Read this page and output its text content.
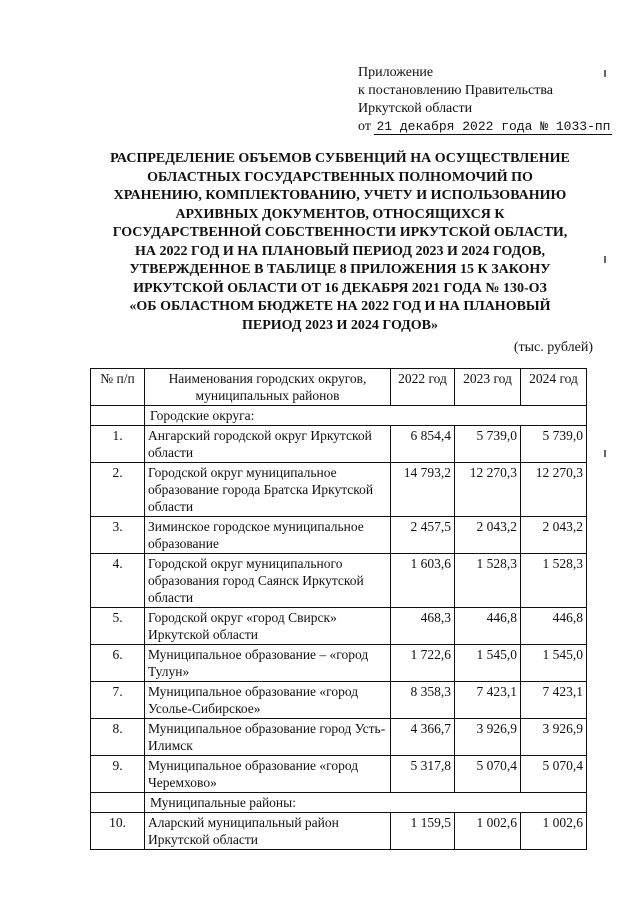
Приложение
к постановлению Правительства
Иркутской области
от 21 декабря 2022 года № 1033-пп
РАСПРЕДЕЛЕНИЕ ОБЪЕМОВ СУБВЕНЦИЙ НА ОСУЩЕСТВЛЕНИЕ
ОБЛАСТНЫХ ГОСУДАРСТВЕННЫХ ПОЛНОМОЧИЙ ПО
ХРАНЕНИЮ, КОМПЛЕКТОВАНИЮ, УЧЕТУ И ИСПОЛЬЗОВАНИЮ
АРХИВНЫХ ДОКУМЕНТОВ, ОТНОСЯЩИХСЯ К
ГОСУДАРСТВЕННОЙ СОБСТВЕННОСТИ ИРКУТСКОЙ ОБЛАСТИ,
НА 2022 ГОД И НА ПЛАНОВЫЙ ПЕРИОД 2023 И 2024 ГОДОВ,
УТВЕРЖДЕННОЕ В ТАБЛИЦЕ 8 ПРИЛОЖЕНИЯ 15 К ЗАКОНУ
ИРКУТСКОЙ ОБЛАСТИ ОТ 16 ДЕКАБРЯ 2021 ГОДА № 130-ОЗ
«ОБ ОБЛАСТНОМ БЮДЖЕТЕ НА 2022 ГОД И НА ПЛАНОВЫЙ
ПЕРИОД 2023 И 2024 ГОДОВ»
(тыс. рублей)
№ п/п	Наименования городских округов, муниципальных районов	2022 год	2023 год	2024 год
	Городские округа:			
1.	Ангарский городской округ Иркутской области	6 854,4	5 739,0	5 739,0
2.	Городской округ муниципальное образование города Братска Иркутской области	14 793,2	12 270,3	12 270,3
3.	Зиминское городское муниципальное образование	2 457,5	2 043,2	2 043,2
4.	Городской округ муниципального образования город Саянск Иркутской области	1 603,6	1 528,3	1 528,3
5.	Городской округ «город Свирск» Иркутской области	468,3	446,8	446,8
6.	Муниципальное образование – «город Тулун»	1 722,6	1 545,0	1 545,0
7.	Муниципальное образование «город Усолье-Сибирское»	8 358,3	7 423,1	7 423,1
8.	Муниципальное образование город Усть-Илимск	4 366,7	3 926,9	3 926,9
9.	Муниципальное образование «город Черемхово»	5 317,8	5 070,4	5 070,4
	Муниципальные районы:			
10.	Аларский муниципальный район Иркутской области	1 159,5	1 002,6	1 002,6
